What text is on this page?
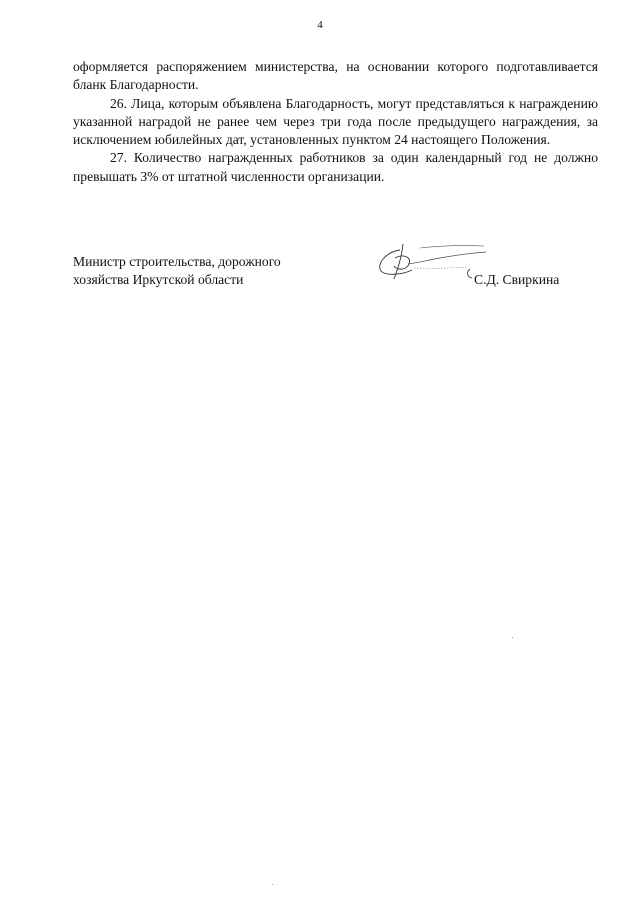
4

оформляется распоряжением министерства, на основании которого подготавливается бланк Благодарности.

26. Лица, которым объявлена Благодарность, могут представляться к награждению указанной наградой не ранее чем через три года после предыдущего награждения, за исключением юбилейных дат, установленных пунктом 24 настоящего Положения.

27. Количество награжденных работников за один календарный год не должно превышать 3% от штатной численности организации.

Министр строительства, дорожного
хозяйства Иркутской области	С.Д. Свиркина
